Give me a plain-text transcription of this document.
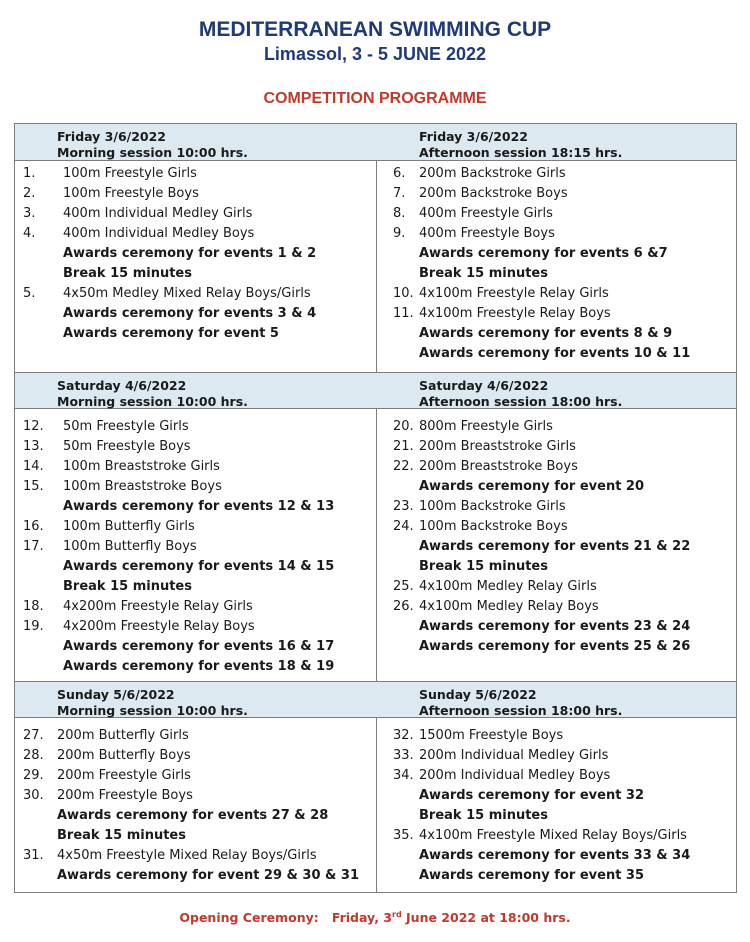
MEDITERRANEAN SWIMMING CUP
Limassol, 3 - 5 JUNE 2022
COMPETITION PROGRAMME
Friday 3/6/2022
Morning session 10:00 hrs.
Friday 3/6/2022
Afternoon session 18:15 hrs.
1. 100m Freestyle Girls
2. 100m Freestyle Boys
3. 400m Individual Medley Girls
4. 400m Individual Medley Boys
Awards ceremony for events 1 & 2
Break 15 minutes
5. 4x50m Medley Mixed Relay Boys/Girls
Awards ceremony for events 3 & 4
Awards ceremony for event 5
6. 200m Backstroke Girls
7. 200m Backstroke Boys
8. 400m Freestyle Girls
9. 400m Freestyle Boys
Awards ceremony for events 6 &7
Break 15 minutes
10. 4x100m Freestyle Relay Girls
11. 4x100m Freestyle Relay Boys
Awards ceremony for events 8 & 9
Awards ceremony for events 10 & 11
Saturday 4/6/2022
Morning session 10:00 hrs.
Saturday 4/6/2022
Afternoon session 18:00 hrs.
12. 50m Freestyle Girls
13. 50m Freestyle Boys
14. 100m Breaststroke Girls
15. 100m Breaststroke Boys
Awards ceremony for events 12 & 13
16. 100m Butterfly Girls
17. 100m Butterfly Boys
Awards ceremony for events 14 & 15
Break 15 minutes
18. 4x200m Freestyle Relay Girls
19. 4x200m Freestyle Relay Boys
Awards ceremony for events 16 & 17
Awards ceremony for events 18 & 19
20. 800m Freestyle Girls
21. 200m Breaststroke Girls
22. 200m Breaststroke Boys
Awards ceremony for event 20
23. 100m Backstroke Girls
24. 100m Backstroke Boys
Awards ceremony for events 21 & 22
Break 15 minutes
25. 4x100m Medley Relay Girls
26. 4x100m Medley Relay Boys
Awards ceremony for events 23 & 24
Awards ceremony for events 25 & 26
Sunday 5/6/2022
Morning session 10:00 hrs.
Sunday 5/6/2022
Afternoon session 18:00 hrs.
27. 200m Butterfly Girls
28. 200m Butterfly Boys
29. 200m Freestyle Girls
30. 200m Freestyle Boys
Awards ceremony for events 27 & 28
Break 15 minutes
31. 4x50m Freestyle Mixed Relay Boys/Girls
Awards ceremony for event 29 & 30 & 31
32. 1500m Freestyle Boys
33. 200m Individual Medley Girls
34. 200m Individual Medley Boys
Awards ceremony for event 32
Break 15 minutes
35. 4x100m Freestyle Mixed Relay Boys/Girls
Awards ceremony for events 33 & 34
Awards ceremony for event 35
Opening Ceremony: Friday, 3rd June 2022 at 18:00 hrs.
